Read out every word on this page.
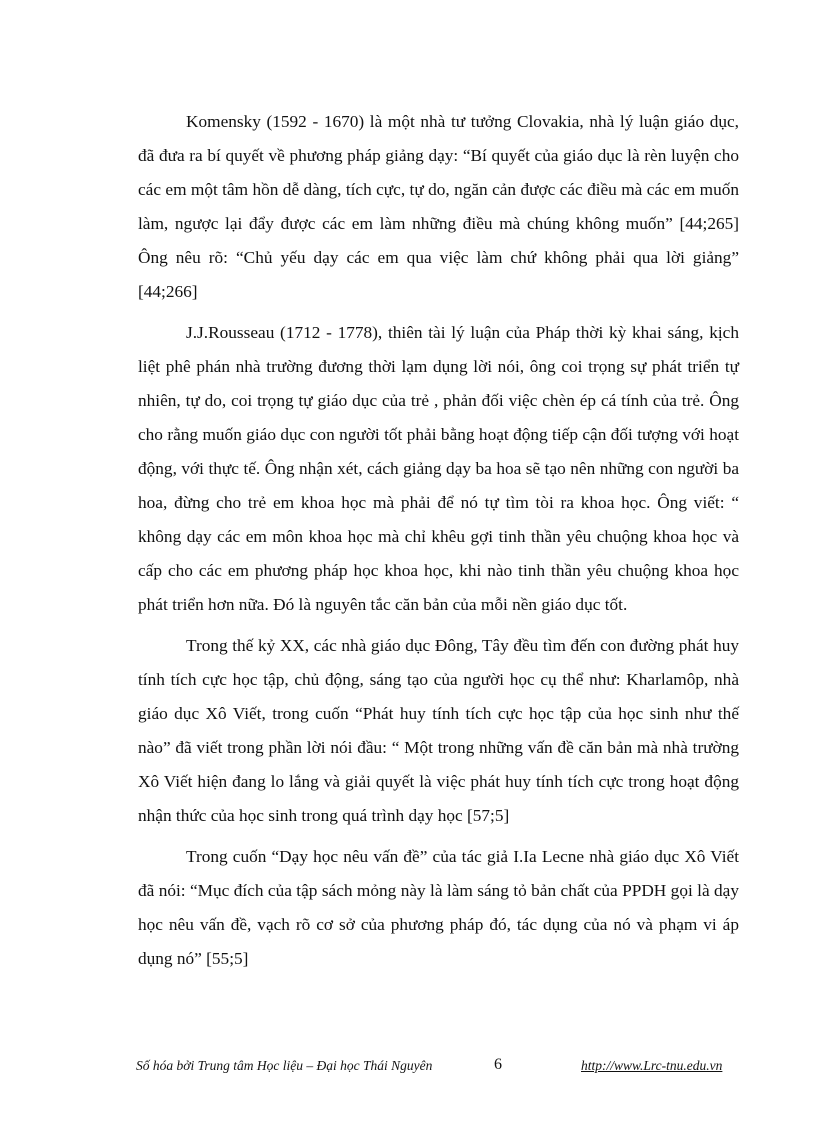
Komensky (1592 - 1670) là một nhà tư tưởng Clovakia, nhà lý luận giáo dục, đã đưa ra bí quyết về phương pháp giảng dạy: “Bí quyết của giáo dục là rèn luyện cho các em một tâm hồn dễ dàng, tích cực, tự do, ngăn cản được các điều mà các em muốn làm, ngược lại đẩy được các em làm những điều mà chúng không muốn” [44;265] Ông nêu rõ: “Chủ yếu dạy các em qua việc làm chứ không phải qua lời giảng” [44;266]

J.J.Rousseau (1712 - 1778), thiên tài lý luận của Pháp thời kỳ khai sáng, kịch liệt phê phán nhà trường đương thời lạm dụng lời nói, ông coi trọng sự phát triển tự nhiên, tự do, coi trọng tự giáo dục của trẻ , phản đối việc chèn ép cá tính của trẻ. Ông cho rằng muốn giáo dục con người tốt phải bằng hoạt động tiếp cận đối tượng với hoạt động, với thực tế. Ông nhận xét, cách giảng dạy ba hoa sẽ tạo nên những con người ba hoa, đừng cho trẻ em khoa học mà phải để nó tự tìm tòi ra khoa học. Ông viết: “ không dạy các em môn khoa học mà chỉ khêu gợi tinh thần yêu chuộng khoa học và cấp cho các em phương pháp học khoa học, khi nào tinh thần yêu chuộng khoa học phát triển hơn nữa. Đó là nguyên tắc căn bản của mỗi nền giáo dục tốt.

Trong thế kỷ XX, các nhà giáo dục Đông, Tây đều tìm đến con đường phát huy tính tích cực học tập, chủ động, sáng tạo của người học cụ thể như: Kharlamôp, nhà giáo dục Xô Viết, trong cuốn “Phát huy tính tích cực học tập của học sinh như thế nào” đã viết trong phần lời nói đầu: “ Một trong những vấn đề căn bản mà nhà trường Xô Viết hiện đang lo lắng và giải quyết là việc phát huy tính tích cực trong hoạt động nhận thức của học sinh trong quá trình dạy học [57;5]

Trong cuốn “Dạy học nêu vấn đề” của tác giả I.Ia Lecne nhà giáo dục Xô Viết đã nói: “Mục đích của tập sách mỏng này là làm sáng tỏ bản chất của PPDH gọi là dạy học nêu vấn đề, vạch rõ cơ sở của phương pháp đó, tác dụng của nó và phạm vi áp dụng nó” [55;5]

Số hóa bởi Trung tâm Học liệu – Đại học Thái Nguyên	6	http://www.Lrc-tnu.edu.vn
